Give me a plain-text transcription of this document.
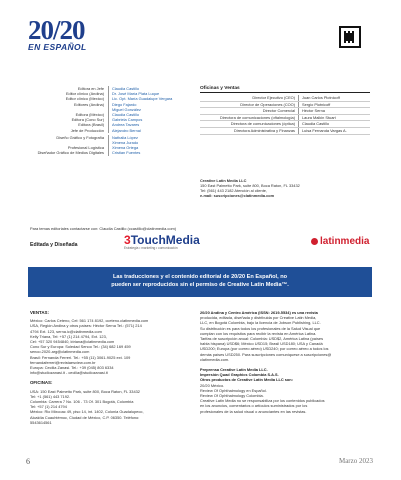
20/20
EN ESPAÑOL
Editora en Jefe	Claudia Castillo
Editor clínico (Andina)	Dr. José María Plata Luque
Editor clínico (Mexico)	Lic. Opt. María Guadalupe Vergara
Editores (Andina)	Diego Fajardo
Miguel González
Editora (México)	Claudia Castillo
Editora (Cono Sur)	Gabriela Campos
Editora (Brasil)	Andrea Tavares
Jefe de Producción	Alejandro Bernal
Diseño Gráfico y Fotografía	Nathalia López
Ximena Jurado
Profesional Logística	Ximena Ortega
Diseñador Gráfico de Medios Digitales	Cristian Fuentes
Para temas editoriales contactarse con: Claudia Castillo (ccastillo@clatinmedia.com)
Oficinas y Ventas
Director Ejecutivo (CEO)	Juan Carlos Plotnicoff
Director de Operaciones (COO)	Sergio Plotnicoff
Director Comercial	Héctor Serna
Directora de comunicaciones (oftalmología)	Laura Malkin Stuart
Directora de comunicaciones (óptica)	Claudia Castillo
Directora Administrativa y Finanzas	Luisa Fernanda Vargas A.
Creative Latin Media LLC
150 East Palmetto Park, suite 800, Boca Raton, FL 33432
Tel: (561) 443 2182 Atención al cliente,
e-mail: suscripciones@clatinmedia.com
Editada y Diseñada	3TouchMedia
Estrategia • marketing • comunicación
latinmedia
Las traducciones y el contenido editorial de 20/20 En Español, no
pueden ser reproducidos sin el permiso de Creative Latin Media™.
VENTAS:

México: Carlos Ceteno, Cel: 561 174 8192, cceteno.clatinmedia.com

USA, Región Andina y otros países: Héctor Serna Tel.: (571) 214

4794 Ext. 123, serna.ic@clatinmedia.com

Kelly Triana, Tel: +57 (1) 214 4794, Ext. 123,

Cel: +57 320 9454840, ktriana@clatinmedia.com

Cono Sur y Europa: Soledad Senoo Tel.: (34) 682 169 459

senoo.2020-arg@clatinmedia.com

Brasil: Fernanda Ferreri. Tel.: +55 (11) 3061-9025 ext. 109

fernandaferreri@revistaesview.com.br

Europa: Cecilia Zanasi. Tel.: +39 (045) 803 6334

info@studiozanasi.it - cecilia@studiozanasi.it

OFICINAS:

USA: 150 East Palmetto Park, suite 800, Boca Raton, FL 33432

Tel: +1 (561) 443 7192.

Colombia: Carrera 7 No. 106 - 73 Of. 301 Bogotá, Colombia

Tel: +57 (1) 214 4794

México: Rio Mixcoac 49, piso 14, int. 1402, Colonia Guadalupeco,

Alcaldía Cuauhtémoc, Ciudad de México, C.P. 06350. Teléfono:

5543614561

20/20 Andina y Centro América (ISSN: 2619-5534) es una revista

producida, editada, diseñada y distribuida por Creative Latin Media,

LLC, en Bogotá Colombia, bajo la licencia de Jobson Publishing, LLC.

Su distribución es para todos los profesionales de la Salud Visual que

cumplan con los requisitos para recibir la revista en América Latina.

Tarifas de suscripción anual: Colombia: USD$2, América Latina (países

habla hispana) USD$6; México USD15; Brasil USD180; USA y Canadá

USD200; Europa (por correo aéreo) USD240; por correo aéreo a todos los

demás países USD250. Para suscripciones comuníquese a suscripciones@

clatinmedia.com.

Preprensa Creative Latin Media LLC.

Impresión Quad Graphics Colombia S.A.S.

Otros productos de Creative Latin Media LLC son:

20/20 México.

Review Of Ophthalmology en Español.

Review Of Ophthalmology Colombia.

Creative Latin Media no se responsabiliza por los contenidos publicados

en los anuncios, comentarios o artículos suministrados por los

profesionales de la salud visual o anunciantes en las revistas.

6	Marzo 2023
